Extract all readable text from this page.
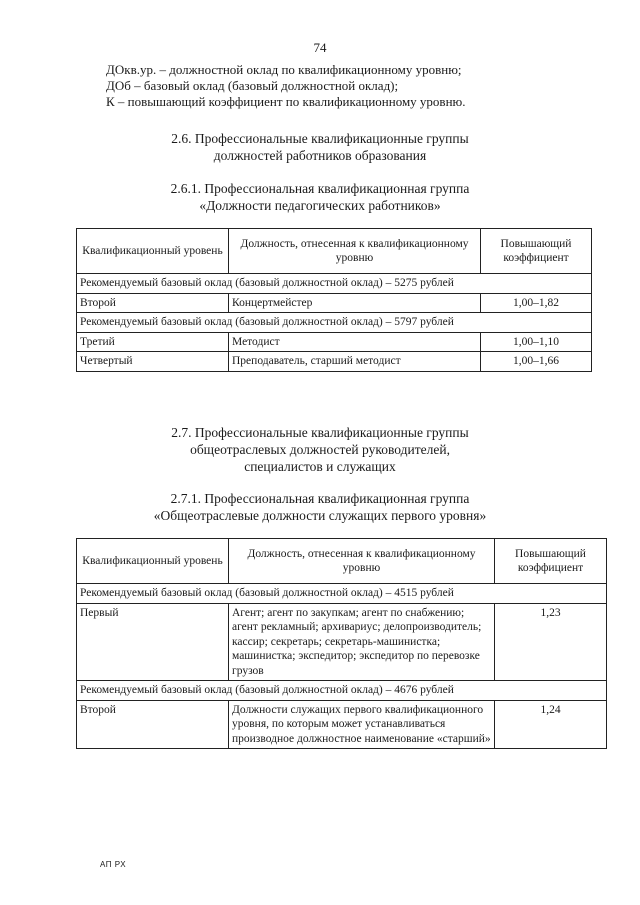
74
ДОкв.ур. – должностной оклад по квалификационному уровню;
ДОб – базовый оклад (базовый должностной оклад);
К – повышающий коэффициент по квалификационному уровню.
2.6. Профессиональные квалификационные группы
должностей работников образования
2.6.1. Профессиональная квалификационная группа
«Должности педагогических работников»
Квалификационный уровень	Должность, отнесенная к квалификационному уровню	Повышающий коэффициент
Рекомендуемый базовый оклад (базовый должностной оклад) – 5275 рублей		
Второй	Концертмейстер	1,00–1,82
Рекомендуемый базовый оклад (базовый должностной оклад) – 5797 рублей		
Третий	Методист	1,00–1,10
Четвертый	Преподаватель, старший методист	1,00–1,66
2.7. Профессиональные квалификационные группы
общеотраслевых должностей руководителей,
специалистов и служащих
2.7.1. Профессиональная квалификационная группа
«Общеотраслевые должности служащих первого уровня»
Квалификационный уровень	Должность, отнесенная к квалификационному уровню	Повышающий коэффициент
Рекомендуемый базовый оклад (базовый должностной оклад) – 4515 рублей		
Первый	Агент; агент по закупкам; агент по снабжению; агент рекламный; архивариус; делопроизводитель; кассир; секретарь; секретарь-машинистка; машинистка; экспедитор; экспедитор по перевозке грузов	1,23
Рекомендуемый базовый оклад (базовый должностной оклад) – 4676 рублей		
Второй	Должности служащих первого квалификационного уровня, по которым может устанавливаться производное должностное наименование «старший»	1,24
АП РХ
